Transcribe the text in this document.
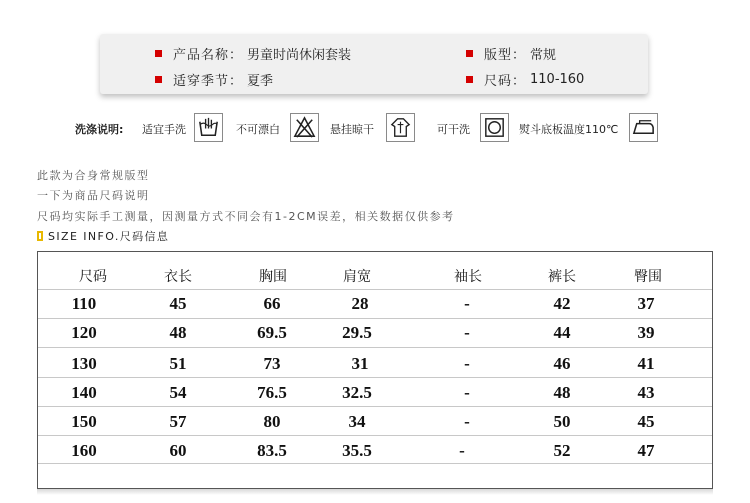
产品名称： 男童时尚休闲套装
适穿季节： 夏季
版型： 常规
尺码： 110-160
洗涤说明: 适宜手洗	不可漂白	悬挂晾干	可干洗	熨斗底板温度110℃
此款为合身常规版型
一下为商品尺码说明
尺码均实际手工测量，因测量方式不同会有1-2CM误差，相关数据仅供参考
SIZE INFO.尺码信息
尺码	衣长	胸围	肩宽	袖长	裤长	臀围
110	45	66	28	-	42	37
120	48	69.5	29.5	-	44	39
130	51	73	31	-	46	41
140	54	76.5	32.5	-	48	43
150	57	80	34	-	50	45
160	60	83.5	35.5	-	52	47
